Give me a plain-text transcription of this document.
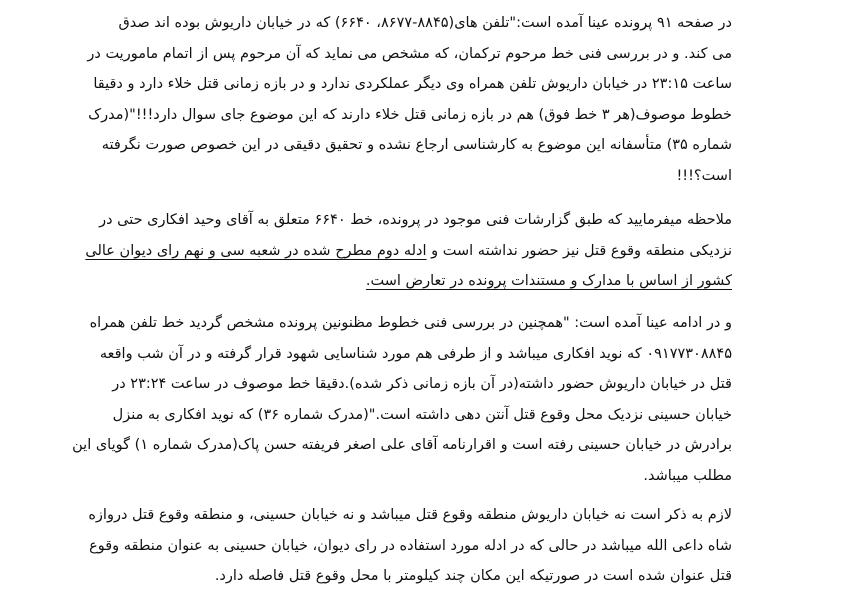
در صفحه ۹۱ پرونده عینا آمده است:"تلفن های(۸۸۴۵-۸۶۷۷، ۶۶۴۰) که در خیابان داریوش بوده اند صدق
می کند. و در بررسی فنی خط مرحوم ترکمان، که مشخص می نماید که آن مرحوم پس از اتمام ماموریت در
ساعت ۲۳:۱۵ در خیابان داریوش تلفن همراه وی دیگر عملکردی ندارد و در بازه زمانی قتل خلاء دارد و دقیقا
خطوط موصوف(هر ۳ خط فوق) هم در بازه زمانی قتل خلاء دارند که این موضوع جای سوال دارد!!!"(مدرک
شماره ۳۵) متأسفانه این موضوع به کارشناسی ارجاع نشده و تحقیق دقیقی در این خصوص صورت نگرفته
است؟!!!
ملاحظه میفرمایید که طبق گزارشات فنی موجود در پرونده، خط ۶۶۴۰ متعلق به آقای وحید افکاری حتی در
نزدیکی منطقه وقوع قتل نیز حضور نداشته است و ادله دوم مطرح شده در شعبه سی و نهم رای دیوان عالی
کشور از اساس با مدارک و مستندات پرونده در تعارض است.
و در ادامه عینا آمده است: "همچنین در بررسی فنی خطوط مظنونین پرونده مشخص گردید خط تلفن همراه
۰۹۱۷۷۳۰۸۸۴۵ که نوید افکاری میباشد و از طرفی هم مورد شناسایی شهود قرار گرفته و در آن شب واقعه
قتل در خیابان داریوش حضور داشته(در آن بازه زمانی ذکر شده).دقیقا خط موصوف در ساعت ۲۳:۲۴ در
خیابان حسینی نزدیک محل وقوع قتل آنتن دهی داشته است."(مدرک شماره ۳۶) که نوید افکاری به منزل
برادرش در خیابان حسینی رفته است و اقرارنامه آقای علی اصغر فریفته حسن پاک(مدرک شماره ۱) گویای این
مطلب میباشد.
لازم به ذکر است نه خیابان داریوش منطقه وقوع قتل میباشد و نه خیابان حسینی، و منطقه وقوع قتل دروازه
شاه داعی الله میباشد در حالی که در ادله مورد استفاده در رای دیوان، خیابان حسینی به عنوان منطقه وقوع
قتل عنوان شده است در صورتیکه این مکان چند کیلومتر با محل وقوع قتل فاصله دارد.
